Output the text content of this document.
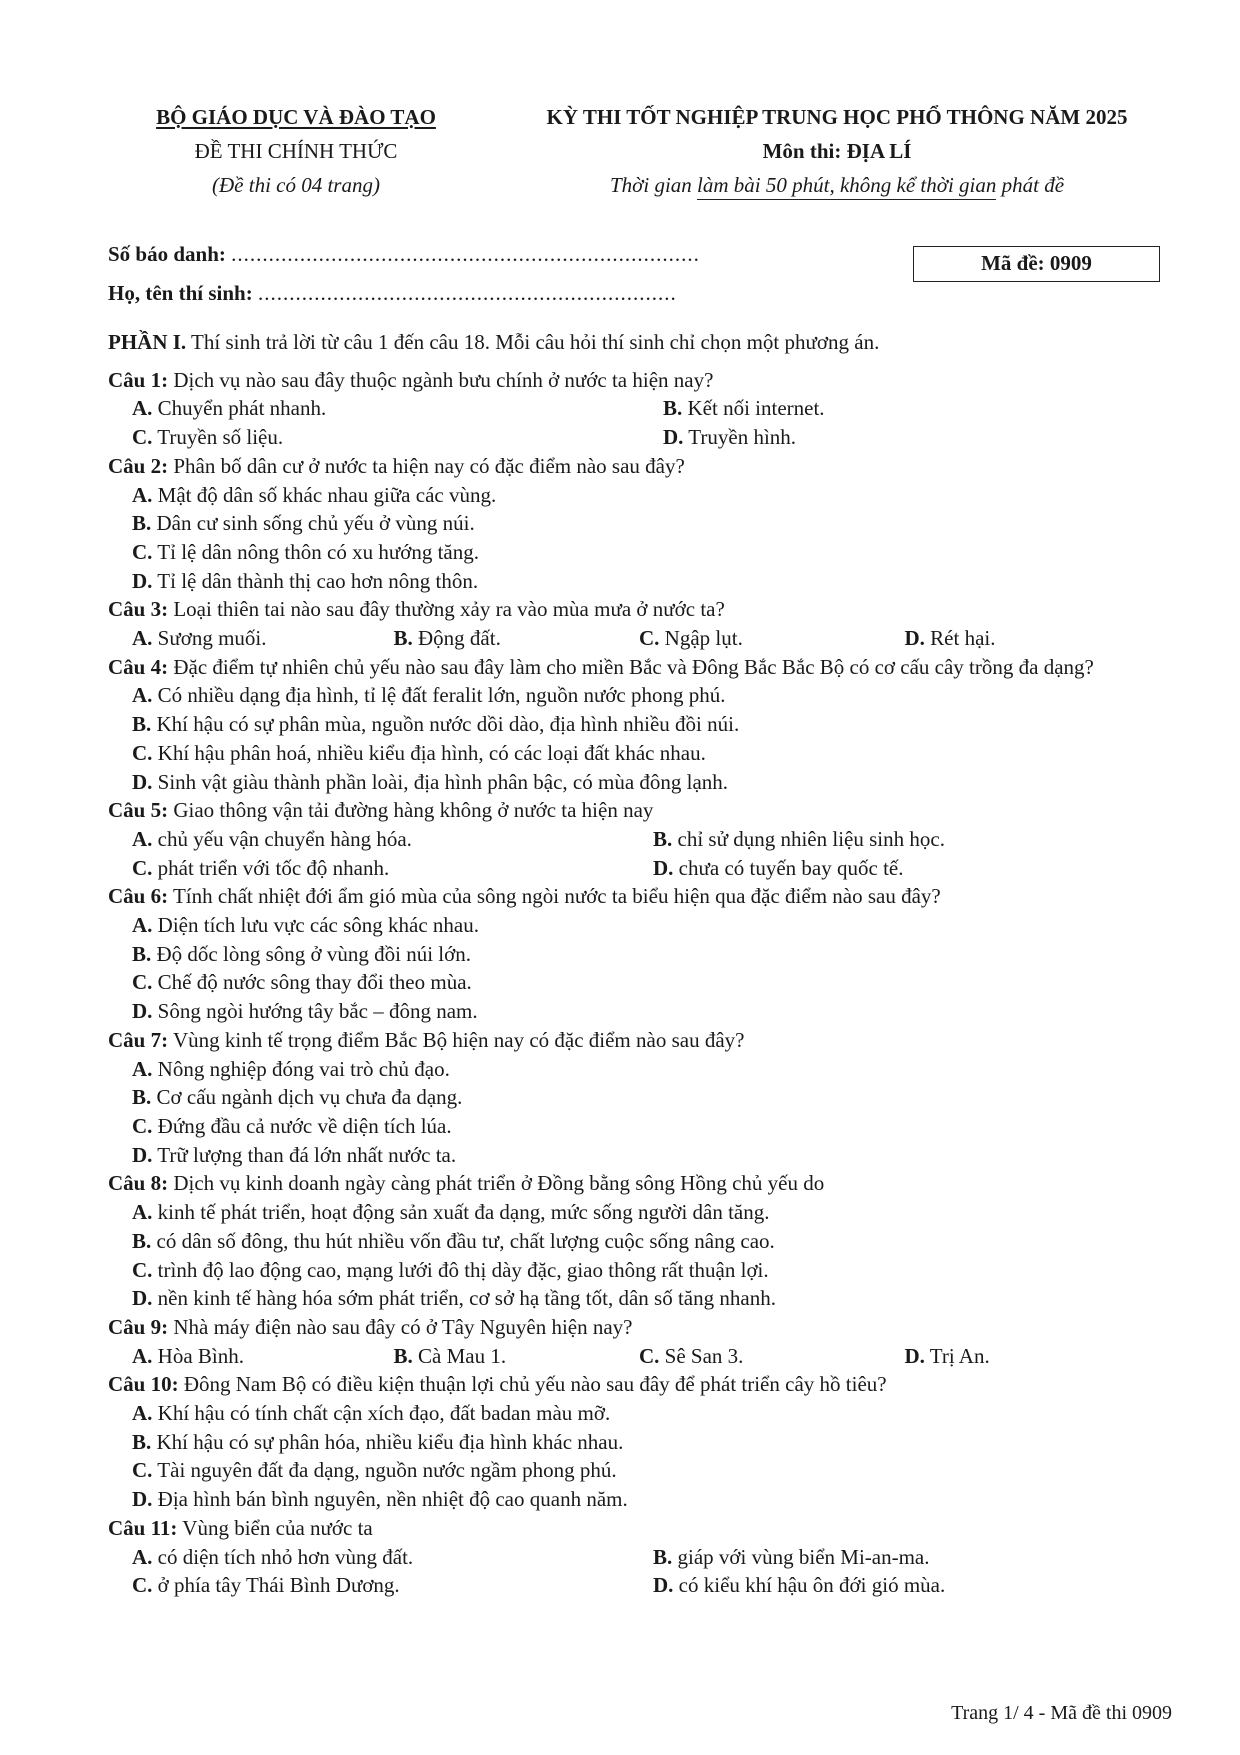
BỘ GIÁO DỤC VÀ ĐÀO TẠO
ĐỀ THI CHÍNH THỨC
(Đề thi có 04 trang)
KỲ THI TỐT NGHIỆP TRUNG HỌC PHỔ THÔNG NĂM 2025
Môn thi: ĐỊA LÍ
Thời gian làm bài 50 phút, không kể thời gian phát đề
Số báo danh: ...........................................................................
Họ, tên thí sinh: ...................................................................
Mã đề: 0909
PHẦN I. Thí sinh trả lời từ câu 1 đến câu 18. Mỗi câu hỏi thí sinh chỉ chọn một phương án.
Câu 1: Dịch vụ nào sau đây thuộc ngành bưu chính ở nước ta hiện nay?
A. Chuyển phát nhanh.	B. Kết nối internet.
C. Truyền số liệu.	D. Truyền hình.
Câu 2: Phân bố dân cư ở nước ta hiện nay có đặc điểm nào sau đây?
A. Mật độ dân số khác nhau giữa các vùng.
B. Dân cư sinh sống chủ yếu ở vùng núi.
C. Tỉ lệ dân nông thôn có xu hướng tăng.
D. Tỉ lệ dân thành thị cao hơn nông thôn.
Câu 3: Loại thiên tai nào sau đây thường xảy ra vào mùa mưa ở nước ta?
A. Sương muối.	B. Động đất.	C. Ngập lụt.	D. Rét hại.
Câu 4: Đặc điểm tự nhiên chủ yếu nào sau đây làm cho miền Bắc và Đông Bắc Bắc Bộ có cơ cấu cây trồng đa dạng?
A. Có nhiều dạng địa hình, tỉ lệ đất feralit lớn, nguồn nước phong phú.
B. Khí hậu có sự phân mùa, nguồn nước dồi dào, địa hình nhiều đồi núi.
C. Khí hậu phân hoá, nhiều kiểu địa hình, có các loại đất khác nhau.
D. Sinh vật giàu thành phần loài, địa hình phân bậc, có mùa đông lạnh.
Câu 5: Giao thông vận tải đường hàng không ở nước ta hiện nay
A. chủ yếu vận chuyển hàng hóa.	B. chỉ sử dụng nhiên liệu sinh học.
C. phát triển với tốc độ nhanh.	D. chưa có tuyến bay quốc tế.
Câu 6: Tính chất nhiệt đới ẩm gió mùa của sông ngòi nước ta biểu hiện qua đặc điểm nào sau đây?
A. Diện tích lưu vực các sông khác nhau.
B. Độ dốc lòng sông ở vùng đồi núi lớn.
C. Chế độ nước sông thay đổi theo mùa.
D. Sông ngòi hướng tây bắc – đông nam.
Câu 7: Vùng kinh tế trọng điểm Bắc Bộ hiện nay có đặc điểm nào sau đây?
A. Nông nghiệp đóng vai trò chủ đạo.
B. Cơ cấu ngành dịch vụ chưa đa dạng.
C. Đứng đầu cả nước về diện tích lúa.
D. Trữ lượng than đá lớn nhất nước ta.
Câu 8: Dịch vụ kinh doanh ngày càng phát triển ở Đồng bằng sông Hồng chủ yếu do
A. kinh tế phát triển, hoạt động sản xuất đa dạng, mức sống người dân tăng.
B. có dân số đông, thu hút nhiều vốn đầu tư, chất lượng cuộc sống nâng cao.
C. trình độ lao động cao, mạng lưới đô thị dày đặc, giao thông rất thuận lợi.
D. nền kinh tế hàng hóa sớm phát triển, cơ sở hạ tầng tốt, dân số tăng nhanh.
Câu 9: Nhà máy điện nào sau đây có ở Tây Nguyên hiện nay?
A. Hòa Bình.	B. Cà Mau 1.	C. Sê San 3.	D. Trị An.
Câu 10: Đông Nam Bộ có điều kiện thuận lợi chủ yếu nào sau đây để phát triển cây hồ tiêu?
A. Khí hậu có tính chất cận xích đạo, đất badan màu mỡ.
B. Khí hậu có sự phân hóa, nhiều kiểu địa hình khác nhau.
C. Tài nguyên đất đa dạng, nguồn nước ngầm phong phú.
D. Địa hình bán bình nguyên, nền nhiệt độ cao quanh năm.
Câu 11: Vùng biển của nước ta
A. có diện tích nhỏ hơn vùng đất.	B. giáp với vùng biển Mi-an-ma.
C. ở phía tây Thái Bình Dương.	D. có kiểu khí hậu ôn đới gió mùa.
Trang 1/ 4 - Mã đề thi 0909
